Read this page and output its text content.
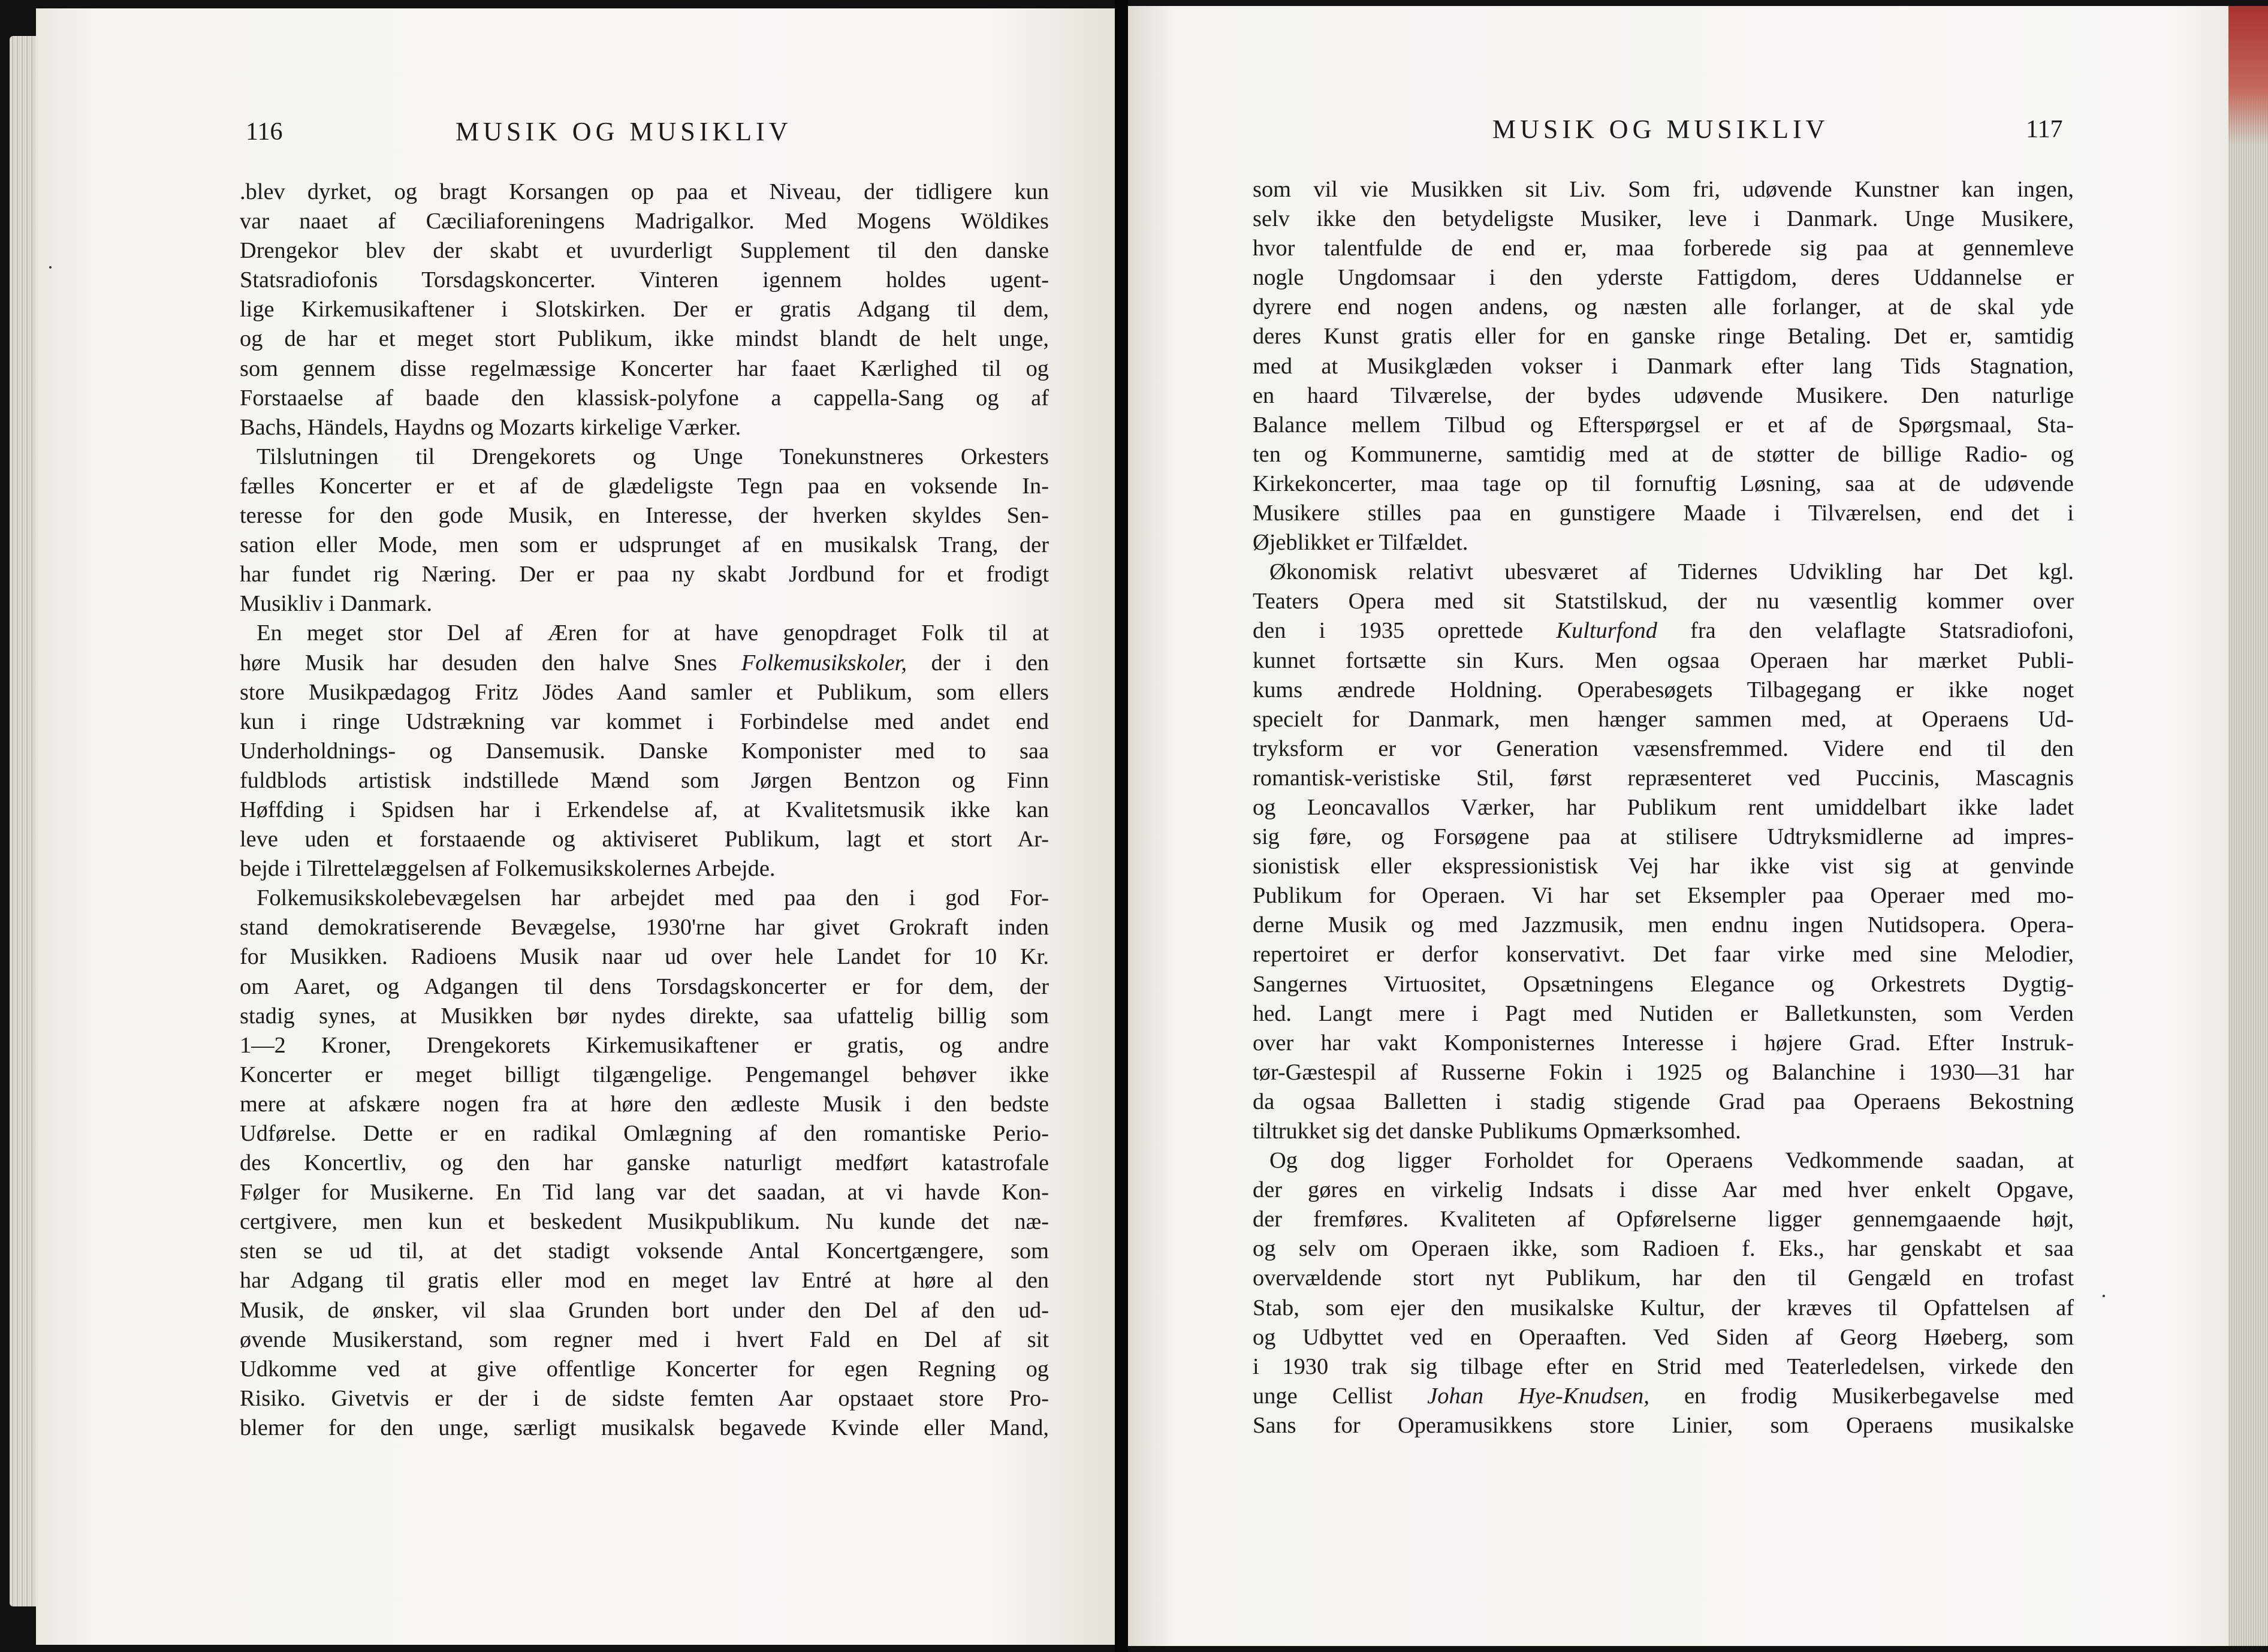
116	MUSIK OG MUSIKLIV
.blev dyrket, og bragt Korsangen op paa et Niveau, der tidligere kun
var naaet af Cæciliaforeningens Madrigalkor. Med Mogens Wöldikes
Drengekor blev der skabt et uvurderligt Supplement til den danske
Statsradiofonis Torsdagskoncerter. Vinteren igennem holdes ugent-
lige Kirkemusikaftener i Slotskirken. Der er gratis Adgang til dem,
og de har et meget stort Publikum, ikke mindst blandt de helt unge,
som gennem disse regelmæssige Koncerter har faaet Kærlighed til og
Forstaaelse af baade den klassisk-polyfone a cappella-Sang og af
Bachs, Händels, Haydns og Mozarts kirkelige Værker.
Tilslutningen til Drengekorets og Unge Tonekunstneres Orkesters
fælles Koncerter er et af de glædeligste Tegn paa en voksende In-
teresse for den gode Musik, en Interesse, der hverken skyldes Sen-
sation eller Mode, men som er udsprunget af en musikalsk Trang, der
har fundet rig Næring. Der er paa ny skabt Jordbund for et frodigt
Musikliv i Danmark.
En meget stor Del af Æren for at have genopdraget Folk til at
høre Musik har desuden den halve Snes Folkemusikskoler, der i den
store Musikpædagog Fritz Jödes Aand samler et Publikum, som ellers
kun i ringe Udstrækning var kommet i Forbindelse med andet end
Underholdnings- og Dansemusik. Danske Komponister med to saa
fuldblods artistisk indstillede Mænd som Jørgen Bentzon og Finn
Høffding i Spidsen har i Erkendelse af, at Kvalitetsmusik ikke kan
leve uden et forstaaende og aktiviseret Publikum, lagt et stort Ar-
bejde i Tilrettelæggelsen af Folkemusikskolernes Arbejde.
Folkemusikskolebevægelsen har arbejdet med paa den i god For-
stand demokratiserende Bevægelse, 1930'rne har givet Grokraft inden
for Musikken. Radioens Musik naar ud over hele Landet for 10 Kr.
om Aaret, og Adgangen til dens Torsdagskoncerter er for dem, der
stadig synes, at Musikken bør nydes direkte, saa ufattelig billig som
1—2 Kroner, Drengekorets Kirkemusikaftener er gratis, og andre
Koncerter er meget billigt tilgængelige. Pengemangel behøver ikke
mere at afskære nogen fra at høre den ædleste Musik i den bedste
Udførelse. Dette er en radikal Omlægning af den romantiske Perio-
des Koncertliv, og den har ganske naturligt medført katastrofale
Følger for Musikerne. En Tid lang var det saadan, at vi havde Kon-
certgivere, men kun et beskedent Musikpublikum. Nu kunde det næ-
sten se ud til, at det stadigt voksende Antal Koncertgængere, som
har Adgang til gratis eller mod en meget lav Entré at høre al den
Musik, de ønsker, vil slaa Grunden bort under den Del af den ud-
øvende Musikerstand, som regner med i hvert Fald en Del af sit
Udkomme ved at give offentlige Koncerter for egen Regning og
Risiko. Givetvis er der i de sidste femten Aar opstaaet store Pro-
blemer for den unge, særligt musikalsk begavede Kvinde eller Mand,
MUSIK OG MUSIKLIV	117
som vil vie Musikken sit Liv. Som fri, udøvende Kunstner kan ingen,
selv ikke den betydeligste Musiker, leve i Danmark. Unge Musikere,
hvor talentfulde de end er, maa forberede sig paa at gennemleve
nogle Ungdomsaar i den yderste Fattigdom, deres Uddannelse er
dyrere end nogen andens, og næsten alle forlanger, at de skal yde
deres Kunst gratis eller for en ganske ringe Betaling. Det er, samtidig
med at Musikglæden vokser i Danmark efter lang Tids Stagnation,
en haard Tilværelse, der bydes udøvende Musikere. Den naturlige
Balance mellem Tilbud og Efterspørgsel er et af de Spørgsmaal, Sta-
ten og Kommunerne, samtidig med at de støtter de billige Radio- og
Kirkekoncerter, maa tage op til fornuftig Løsning, saa at de udøvende
Musikere stilles paa en gunstigere Maade i Tilværelsen, end det i
Øjeblikket er Tilfældet.
Økonomisk relativt ubesværet af Tidernes Udvikling har Det kgl.
Teaters Opera med sit Statstilskud, der nu væsentlig kommer over
den i 1935 oprettede Kulturfond fra den velaflagte Statsradiofoni,
kunnet fortsætte sin Kurs. Men ogsaa Operaen har mærket Publi-
kums ændrede Holdning. Operabesøgets Tilbagegang er ikke noget
specielt for Danmark, men hænger sammen med, at Operaens Ud-
tryksform er vor Generation væsensfremmed. Videre end til den
romantisk-veristiske Stil, først repræsenteret ved Puccinis, Mascagnis
og Leoncavallos Værker, har Publikum rent umiddelbart ikke ladet
sig føre, og Forsøgene paa at stilisere Udtryksmidlerne ad impres-
sionistisk eller ekspressionistisk Vej har ikke vist sig at genvinde
Publikum for Operaen. Vi har set Eksempler paa Operaer med mo-
derne Musik og med Jazzmusik, men endnu ingen Nutidsopera. Opera-
repertoiret er derfor konservativt. Det faar virke med sine Melodier,
Sangernes Virtuositet, Opsætningens Elegance og Orkestrets Dygtig-
hed. Langt mere i Pagt med Nutiden er Balletkunsten, som Verden
over har vakt Komponisternes Interesse i højere Grad. Efter Instruk-
tør-Gæstespil af Russerne Fokin i 1925 og Balanchine i 1930—31 har
da ogsaa Balletten i stadig stigende Grad paa Operaens Bekostning
tiltrukket sig det danske Publikums Opmærksomhed.
Og dog ligger Forholdet for Operaens Vedkommende saadan, at
der gøres en virkelig Indsats i disse Aar med hver enkelt Opgave,
der fremføres. Kvaliteten af Opførelserne ligger gennemgaaende højt,
og selv om Operaen ikke, som Radioen f. Eks., har genskabt et saa
overvældende stort nyt Publikum, har den til Gengæld en trofast
Stab, som ejer den musikalske Kultur, der kræves til Opfattelsen af
og Udbyttet ved en Operaaften. Ved Siden af Georg Høeberg, som
i 1930 trak sig tilbage efter en Strid med Teaterledelsen, virkede den
unge Cellist Johan Hye-Knudsen, en frodig Musikerbegavelse med
Sans for Operamusikkens store Linier, som Operaens musikalske
